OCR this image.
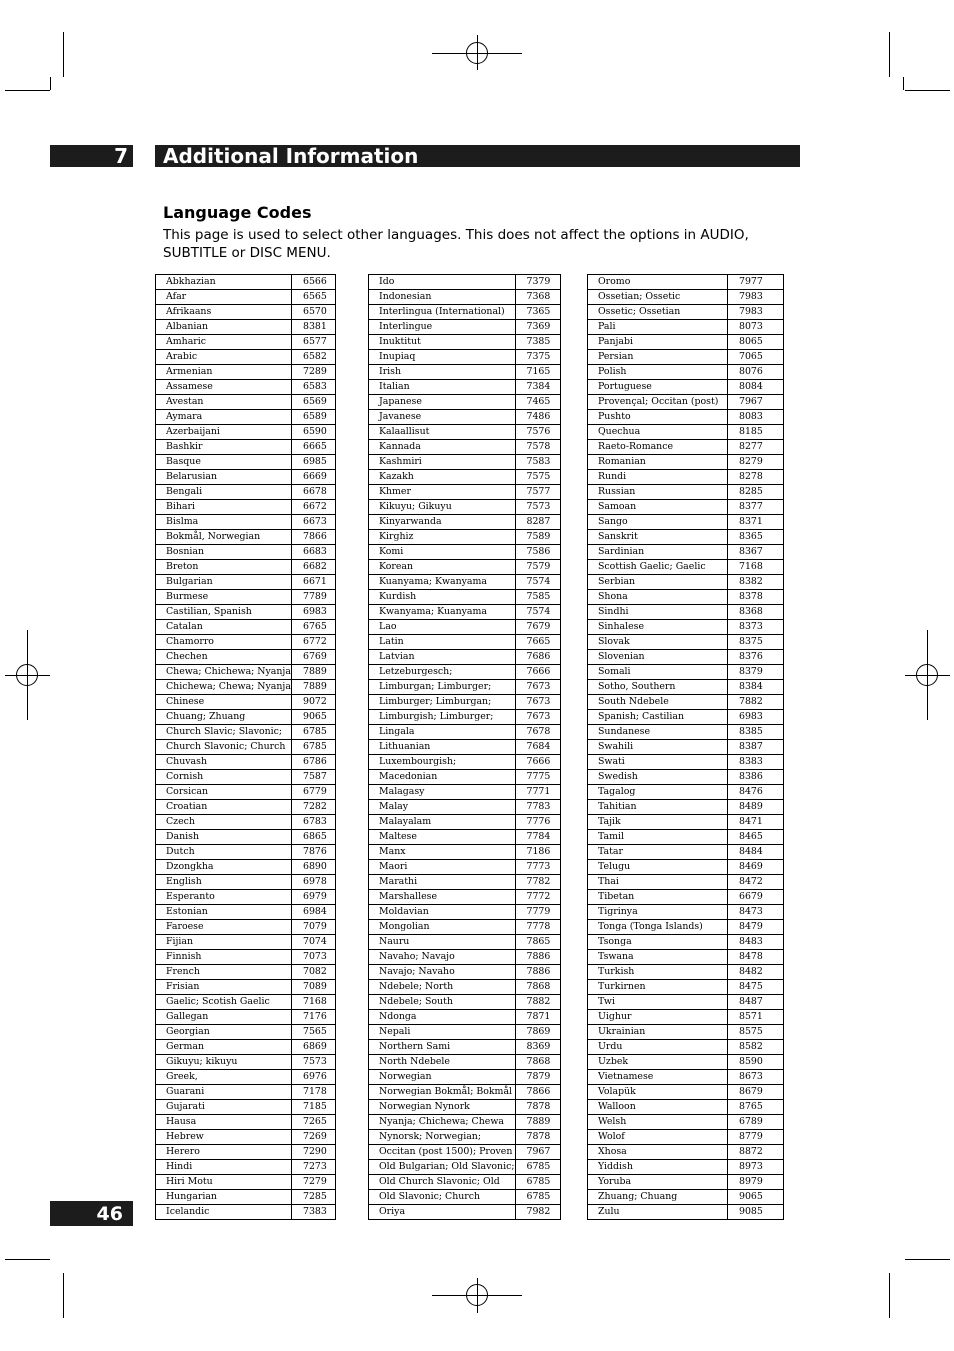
7	Additional Information
Language Codes
This page is used to select other languages. This does not affect the options in AUDIO, SUBTITLE or DISC MENU.
Abkhazian	6566
Afar	6565
Afrikaans	6570
Albanian	8381
Amharic	6577
Arabic	6582
Armenian	7289
Assamese	6583
Avestan	6569
Aymara	6589
Azerbaijani	6590
Bashkir	6665
Basque	6985
Belarusian	6669
Bengali	6678
Bihari	6672
Bislma	6673
Bokmål, Norwegian	7866
Bosnian	6683
Breton	6682
Bulgarian	6671
Burmese	7789
Castilian, Spanish	6983
Catalan	6765
Chamorro	6772
Chechen	6769
Chewa; Chichewa; Nyanja	7889
Chichewa; Chewa; Nyanja	7889
Chinese	9072
Chuang; Zhuang	9065
Church Slavic; Slavonic;	6785
Church Slavonic; Church	6785
Chuvash	6786
Cornish	7587
Corsican	6779
Croatian	7282
Czech	6783
Danish	6865
Dutch	7876
Dzongkha	6890
English	6978
Esperanto	6979
Estonian	6984
Faroese	7079
Fijian	7074
Finnish	7073
French	7082
Frisian	7089
Gaelic; Scotish Gaelic	7168
Gallegan	7176
Georgian	7565
German	6869
Gikuyu; kikuyu	7573
Greek,	6976
Guarani	7178
Gujarati	7185
Hausa	7265
Hebrew	7269
Herero	7290
Hindi	7273
Hiri Motu	7279
Hungarian	7285
Icelandic	7383
Ido	7379
Indonesian	7368
Interlingua (International)	7365
Interlingue	7369
Inuktitut	7385
Inupiaq	7375
Irish	7165
Italian	7384
Japanese	7465
Javanese	7486
Kalaallisut	7576
Kannada	7578
Kashmiri	7583
Kazakh	7575
Khmer	7577
Kikuyu; Gikuyu	7573
Kinyarwanda	8287
Kirghiz	7589
Komi	7586
Korean	7579
Kuanyama; Kwanyama	7574
Kurdish	7585
Kwanyama; Kuanyama	7574
Lao	7679
Latin	7665
Latvian	7686
Letzeburgesch;	7666
Limburgan; Limburger;	7673
Limburger; Limburgan;	7673
Limburgish; Limburger;	7673
Lingala	7678
Lithuanian	7684
Luxembourgish;	7666
Macedonian	7775
Malagasy	7771
Malay	7783
Malayalam	7776
Maltese	7784
Manx	7186
Maori	7773
Marathi	7782
Marshallese	7772
Moldavian	7779
Mongolian	7778
Nauru	7865
Navaho; Navajo	7886
Navajo; Navaho	7886
Ndebele; North	7868
Ndebele; South	7882
Ndonga	7871
Nepali	7869
Northern Sami	8369
North Ndebele	7868
Norwegian	7879
Norwegian Bokmål; Bokmål	7866
Norwegian Nynork	7878
Nyanja; Chichewa; Chewa	7889
Nynorsk; Norwegian;	7878
Occitan (post 1500); Proven	7967
Old Bulgarian; Old Slavonic;	6785
Old Church Slavonic; Old	6785
Old Slavonic; Church	6785
Oriya	7982
Oromo	7977
Ossetian; Ossetic	7983
Ossetic; Ossetian	7983
Pali	8073
Panjabi	8065
Persian	7065
Polish	8076
Portuguese	8084
Provençal; Occitan (post)	7967
Pushto	8083
Quechua	8185
Raeto-Romance	8277
Romanian	8279
Rundi	8278
Russian	8285
Samoan	8377
Sango	8371
Sanskrit	8365
Sardinian	8367
Scottish Gaelic; Gaelic	7168
Serbian	8382
Shona	8378
Sindhi	8368
Sinhalese	8373
Slovak	8375
Slovenian	8376
Somali	8379
Sotho, Southern	8384
South Ndebele	7882
Spanish; Castilian	6983
Sundanese	8385
Swahili	8387
Swati	8383
Swedish	8386
Tagalog	8476
Tahitian	8489
Tajik	8471
Tamil	8465
Tatar	8484
Telugu	8469
Thai	8472
Tibetan	6679
Tigrinya	8473
Tonga (Tonga Islands)	8479
Tsonga	8483
Tswana	8478
Turkish	8482
Turkirnen	8475
Twi	8487
Uighur	8571
Ukrainian	8575
Urdu	8582
Uzbek	8590
Vietnamese	8673
Volapük	8679
Walloon	8765
Welsh	6789
Wolof	8779
Xhosa	8872
Yiddish	8973
Yoruba	8979
Zhuang; Chuang	9065
Zulu	9085
46
